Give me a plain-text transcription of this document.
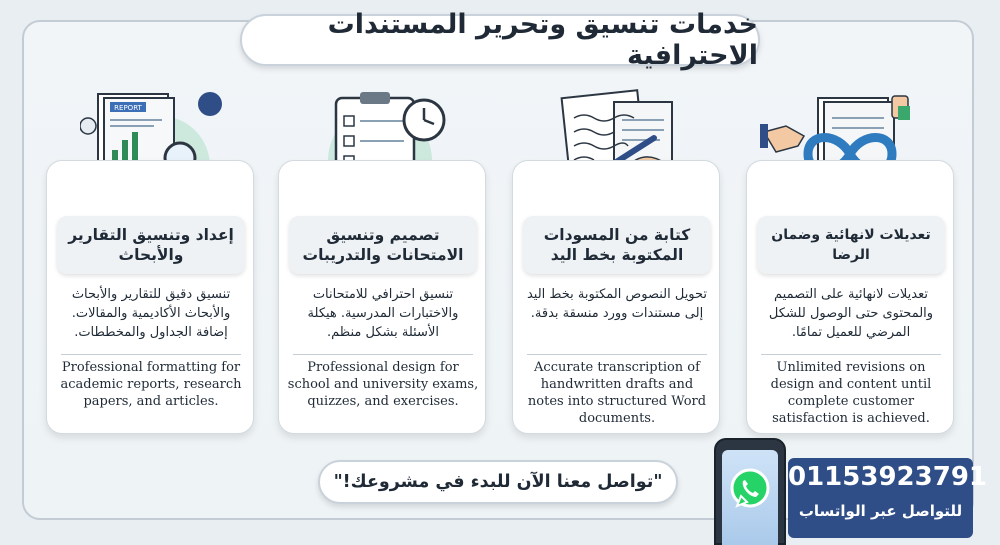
خدمات تنسيق وتحرير المستندات الاحترافية
REPORT
إعداد وتنسيق التقارير والأبحاث
تنسيق دقيق للتقارير والأبحاث والأبحاث الأكاديمية والمقالات. إضافة الجداول والمخططات.
Professional formatting for academic reports, research papers, and articles.
تصميم وتنسيق الامتحانات والتدريبات
تنسيق احترافي للامتحانات والاختبارات المدرسية. هيكلة الأسئلة بشكل منظم.
Professional design for school and university exams, quizzes, and exercises.
كتابة من المسودات المكتوبة بخط اليد
تحويل النصوص المكتوبة بخط اليد إلى مستندات وورد منسقة بدقة.
Accurate transcription of handwritten drafts and notes into structured Word documents.
تعديلات لانهائية وضمان الرضا
تعديلات لانهائية على التصميم والمحتوى حتى الوصول للشكل المرضي للعميل تمامًا.
Unlimited revisions on design and content until complete customer satisfaction is achieved.
"تواصل معنا الآن للبدء في مشروعك!"	01153923791
للتواصل عبر الواتساب
